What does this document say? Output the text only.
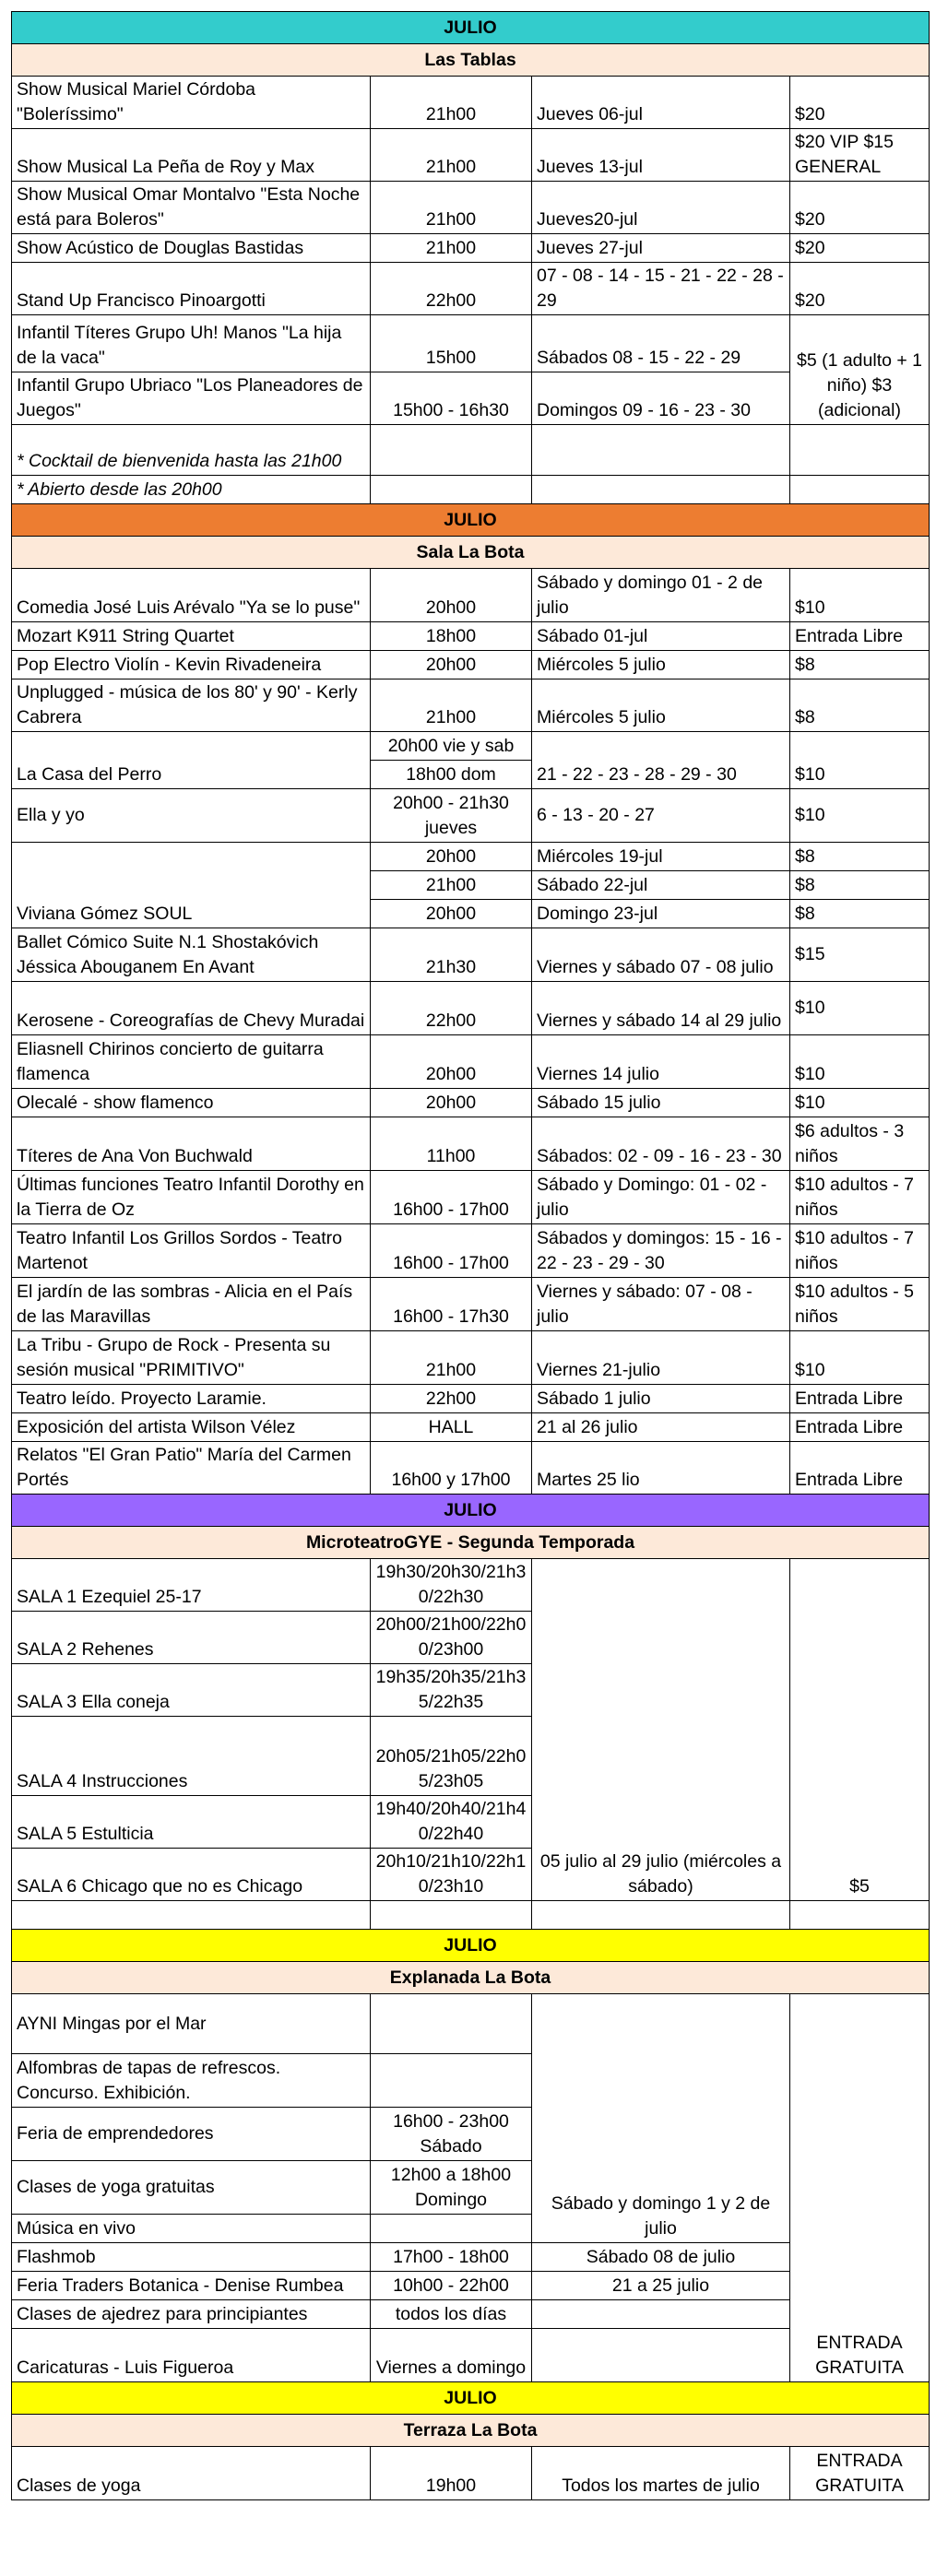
JULIO			
Las Tablas			
Show Musical Mariel Córdoba "Boleríssimo"	21h00	Jueves 06-jul	$20
Show Musical La Peña de Roy y Max	21h00	Jueves 13-jul	$20 VIP $15 GENERAL
Show Musical Omar Montalvo "Esta Noche está para Boleros"	21h00	Jueves20-jul	$20
Show Acústico de Douglas Bastidas	21h00	Jueves 27-jul	$20
Stand Up Francisco Pinoargotti	22h00	07 - 08 - 14 - 15 - 21 - 22 - 28 - 29	$20
Infantil Títeres Grupo Uh! Manos "La hija de la vaca"	15h00	Sábados 08 - 15 - 22 - 29	$5 (1 adulto + 1 niño) $3 (adicional)
Infantil Grupo Ubriaco "Los Planeadores de Juegos"	15h00 - 16h30	Domingos 09 - 16 - 23 - 30	
* Cocktail de bienvenida hasta las 21h00			
* Abierto desde las 20h00			
JULIO			
Sala La Bota			
Comedia José Luis Arévalo "Ya se lo puse"	20h00	Sábado y domingo 01 - 2 de julio	$10
Mozart K911 String Quartet	18h00	Sábado 01-jul	Entrada Libre
Pop Electro Violín - Kevin Rivadeneira	20h00	Miércoles 5 julio	$8
Unplugged - música de los 80' y 90' - Kerly Cabrera	21h00	Miércoles 5 julio	$8
La Casa del Perro	20h00 vie y sab	21 - 22 - 23 - 28 - 29 - 30	$10
	18h00 dom		
Ella y yo	20h00 - 21h30 jueves	6 - 13 - 20 - 27	$10
Viviana Gómez SOUL	20h00	Miércoles 19-jul	$8
	21h00	Sábado 22-jul	$8
	20h00	Domingo 23-jul	$8
Ballet Cómico Suite N.1 Shostakóvich Jéssica Abouganem En Avant	21h30	Viernes y sábado 07 - 08 julio	$15
Kerosene - Coreografías de Chevy Muradai	22h00	Viernes y sábado 14 al 29 julio	$10
Eliasnell Chirinos concierto de guitarra flamenca	20h00	Viernes 14 julio	$10
Olecalé - show flamenco	20h00	Sábado 15 julio	$10
Títeres de Ana Von Buchwald	11h00	Sábados: 02 - 09 - 16 - 23 - 30	$6 adultos - 3 niños
Últimas funciones Teatro Infantil Dorothy en la Tierra de Oz	16h00 - 17h00	Sábado y Domingo: 01 - 02 - julio	$10 adultos - 7 niños
Teatro Infantil Los Grillos Sordos - Teatro Martenot	16h00 - 17h00	Sábados y domingos: 15 - 16 - 22 - 23 - 29 - 30	$10 adultos - 7 niños
El jardín de las sombras - Alicia en el País de las Maravillas	16h00 - 17h30	Viernes y sábado: 07 - 08 - julio	$10 adultos - 5 niños
La Tribu - Grupo de Rock - Presenta su sesión musical "PRIMITIVO"	21h00	Viernes 21-julio	$10
Teatro leído. Proyecto Laramie.	22h00	Sábado 1 julio	Entrada Libre
Exposición del artista Wilson Vélez	HALL	21 al 26 julio	Entrada Libre
Relatos "El Gran Patio" María del Carmen Portés	16h00 y 17h00	Martes 25 lio	Entrada Libre
JULIO			
MicroteatroGYE - Segunda Temporada			
SALA 1 Ezequiel 25-17	19h30/20h30/21h30/22h30	05 julio al 29 julio (miércoles a sábado)	$5
SALA 2 Rehenes	20h00/21h00/22h00/23h00		
SALA 3 Ella coneja	19h35/20h35/21h35/22h35		
SALA 4 Instrucciones	20h05/21h05/22h05/23h05		
SALA 5 Estulticia	19h40/20h40/21h40/22h40		
SALA 6 Chicago que no es Chicago	20h10/21h10/22h10/23h10		

JULIO			
Explanada La Bota			
AYNI Mingas por el Mar		Sábado y domingo 1 y 2 de julio	ENTRADA GRATUITA
Alfombras de tapas de refrescos. Concurso. Exhibición.			
Feria de emprendedores	16h00 - 23h00 Sábado		
Clases de yoga gratuitas	12h00 a 18h00 Domingo		
Música en vivo			
Flashmob	17h00 - 18h00	Sábado 08 de julio	
Feria Traders Botanica - Denise Rumbea	10h00 - 22h00	21 a 25 julio	
Clases de ajedrez para principiantes	todos los días		
Caricaturas - Luis Figueroa	Viernes a domingo		
JULIO			
Terraza La Bota			
Clases de yoga	19h00	Todos los martes de julio	ENTRADA GRATUITA
